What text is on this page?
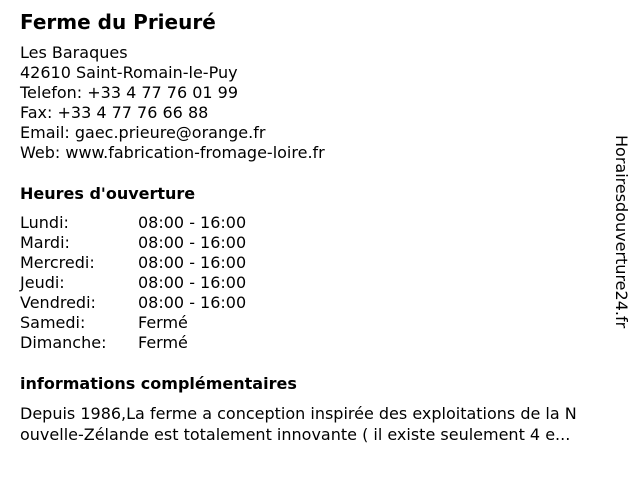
Ferme du Prieuré
Les Baraques
42610 Saint-Romain-le-Puy
Telefon: +33 4 77 76 01 99
Fax: +33 4 77 76 66 88
Email: gaec.prieure@orange.fr
Web: www.fabrication-fromage-loire.fr
Heures d'ouverture
Lundi:	08:00 - 16:00
Mardi:	08:00 - 16:00
Mercredi:	08:00 - 16:00
Jeudi:	08:00 - 16:00
Vendredi:	08:00 - 16:00
Samedi:	Fermé
Dimanche:	Fermé
informations complémentaires
Depuis 1986,La ferme a conception inspirée des exploitations de la N
ouvelle-Zélande est totalement innovante ( il existe seulement 4 e...
Horairesdouverture24.fr
